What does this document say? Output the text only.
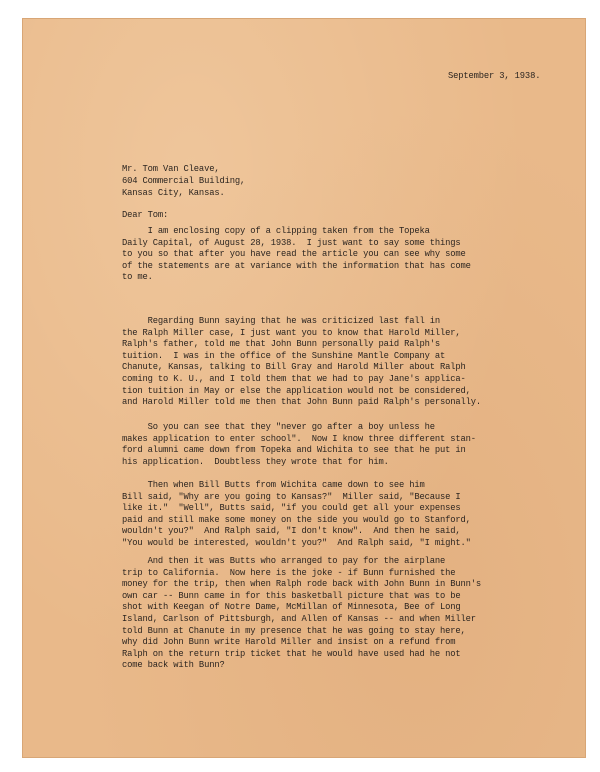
September 3, 1938.
Mr. Tom Van Cleave,
604 Commercial Building,
Kansas City, Kansas.
Dear Tom:
I am enclosing copy of a clipping taken from the Topeka
Daily Capital, of August 28, 1938.  I just want to say some things
to you so that after you have read the article you can see why some
of the statements are at variance with the information that has come
to me.
Regarding Bunn saying that he was criticized last fall in
the Ralph Miller case, I just want you to know that Harold Miller,
Ralph's father, told me that John Bunn personally paid Ralph's
tuition.  I was in the office of the Sunshine Mantle Company at
Chanute, Kansas, talking to Bill Gray and Harold Miller about Ralph
coming to K. U., and I told them that we had to pay Jane's applica-
tion tuition in May or else the application would not be considered,
and Harold Miller told me then that John Bunn paid Ralph's personally.
So you can see that they "never go after a boy unless he
makes application to enter school".  Now I know three different stan-
ford alumni came down from Topeka and Wichita to see that he put in
his application.  Doubtless they wrote that for him.
Then when Bill Butts from Wichita came down to see him
Bill said, "Why are you going to Kansas?"  Miller said, "Because I
like it."  "Well", Butts said, "if you could get all your expenses
paid and still make some money on the side you would go to Stanford,
wouldn't you?"  And Ralph said, "I don't know".  And then he said,
"You would be interested, wouldn't you?"  And Ralph said, "I might."
And then it was Butts who arranged to pay for the airplane
trip to California.  Now here is the joke - if Bunn furnished the
money for the trip, then when Ralph rode back with John Bunn in Bunn's
own car -- Bunn came in for this basketball picture that was to be
shot with Keegan of Notre Dame, McMillan of Minnesota, Bee of Long
Island, Carlson of Pittsburgh, and Allen of Kansas -- and when Miller
told Bunn at Chanute in my presence that he was going to stay here,
why did John Bunn write Harold Miller and insist on a refund from
Ralph on the return trip ticket that he would have used had he not
come back with Bunn?
